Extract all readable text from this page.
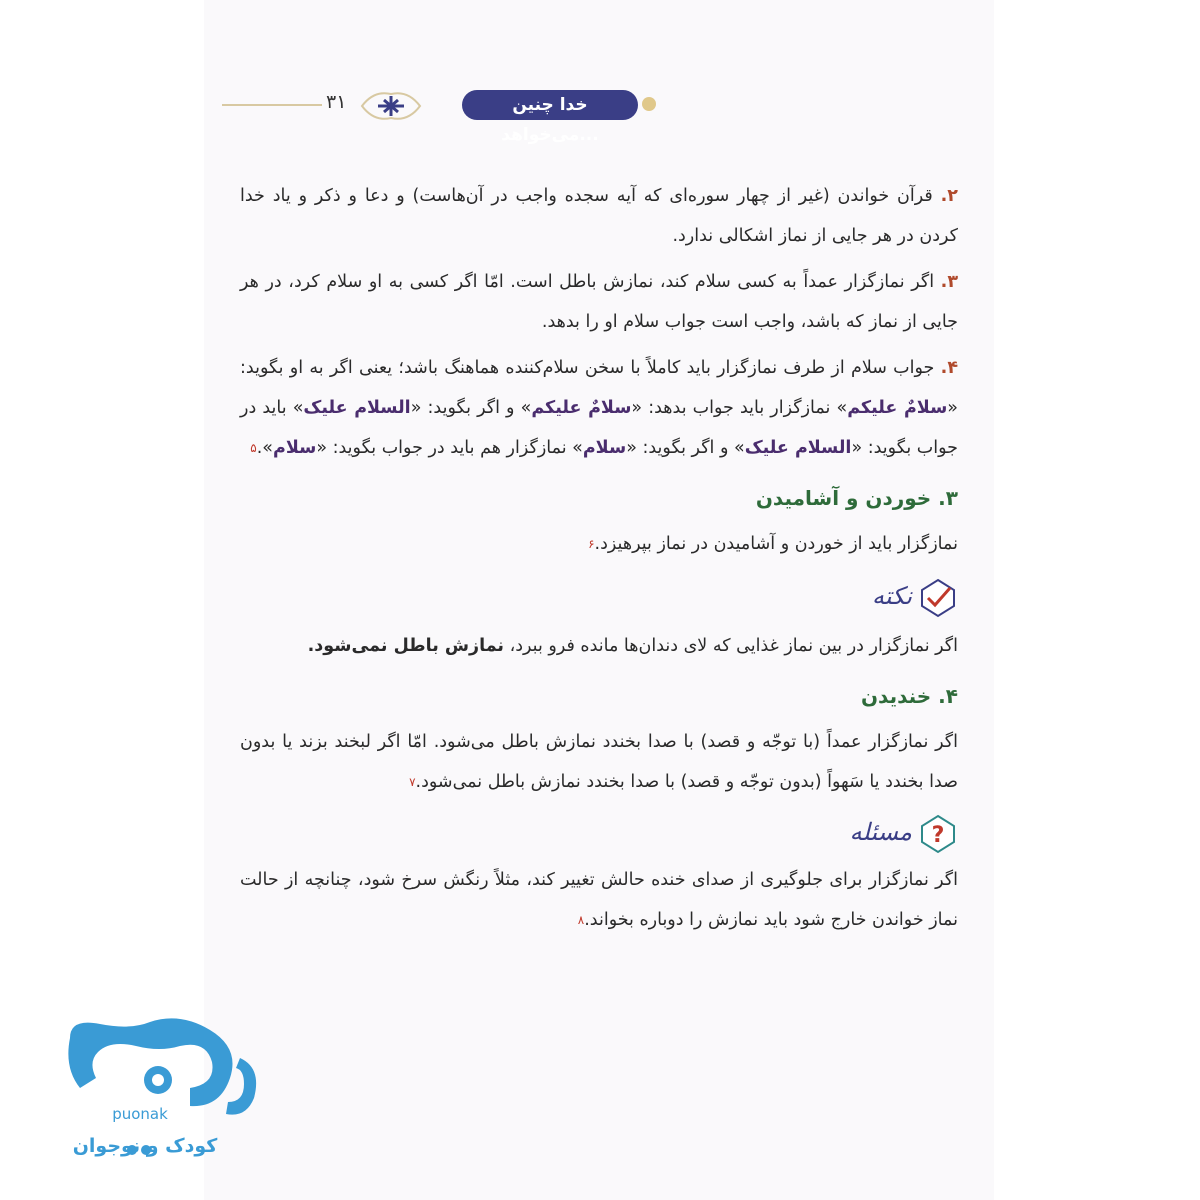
۳۱	خدا چنین می‌خواهد...
۲. قرآن خواندن (غیر از چهار سوره‌ای که آیه سجده واجب در آن‌هاست) و دعا و ذکر و یاد خدا کردن در هر جایی از نماز اشکالی ندارد.
۳. اگر نمازگزار عمداً به کسی سلام کند، نمازش باطل است. امّا اگر کسی به او سلام کرد، در هر جایی از نماز که باشد، واجب است جواب سلام او را بدهد.
۴. جواب سلام از طرف نمازگزار باید کاملاً با سخن سلام‌کننده هماهنگ باشد؛ یعنی اگر به او بگوید: «سلامٌ علیکم» نمازگزار باید جواب بدهد: «سلامٌ علیکم» و اگر بگوید: «السلام علیک» باید در جواب بگوید: «السلام علیک» و اگر بگوید: «سلام» نمازگزار هم باید در جواب بگوید: «سلام».$^۵$
۳. خوردن و آشامیدن
نمازگزار باید از خوردن و آشامیدن در نماز بپرهیزد.$^۶$
نکته
اگر نمازگزار در بین نماز غذایی که لای دندان‌ها مانده فرو ببرد، نمازش باطل نمی‌شود.
۴. خندیدن
اگر نمازگزار عمداً (با توجّه و قصد) با صدا بخندد نمازش باطل می‌شود. امّا اگر لبخند بزند یا بدون صدا بخندد یا سَهواً (بدون توجّه و قصد) با صدا بخندد نمازش باطل نمی‌شود.$^۷$
?
مسئله
اگر نمازگزار برای جلوگیری از صدای خنده حالش تغییر کند، مثلاً رنگش سرخ شود، چنانچه از حالت نماز خواندن خارج شود باید نمازش را دوباره بخواند.$^۸$
puonak
کودک و نوجوان
